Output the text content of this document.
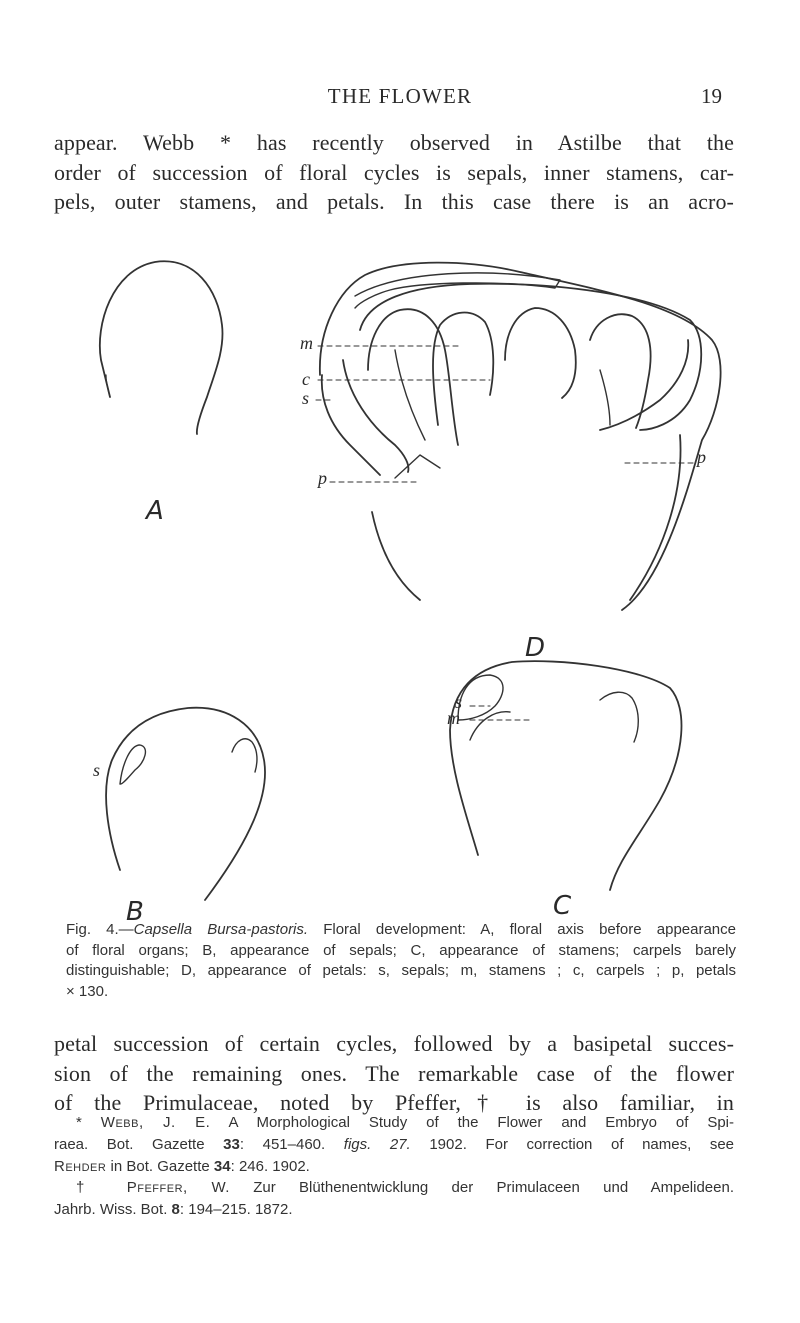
THE FLOWER	19
appear. Webb * has recently observed in Astilbe that the
order of succession of floral cycles is sepals, inner stamens, car-
pels, outer stamens, and petals. In this case there is an acro-
A
D
B	C
m
c
s
p
p
s
s
m
Fig. 4.—Capsella Bursa-pastoris. Floral development: A, floral axis before appearance
of floral organs; B, appearance of sepals; C, appearance of stamens; carpels barely
distinguishable; D, appearance of petals: s, sepals; m, stamens ; c, carpels ; p, petals
× 130.
petal succession of certain cycles, followed by a basipetal succes-
sion of the remaining ones. The remarkable case of the flower
of the Primulaceae, noted by Pfeffer,† is also familiar, in
* Webb, J. E. A Morphological Study of the Flower and Embryo of Spi-
raea. Bot. Gazette 33: 451–460. figs. 27. 1902. For correction of names, see
Rehder in Bot. Gazette 34: 246. 1902.
† Pfeffer, W. Zur Blüthenentwicklung der Primulaceen und Ampelideen.
Jahrb. Wiss. Bot. 8: 194–215. 1872.
